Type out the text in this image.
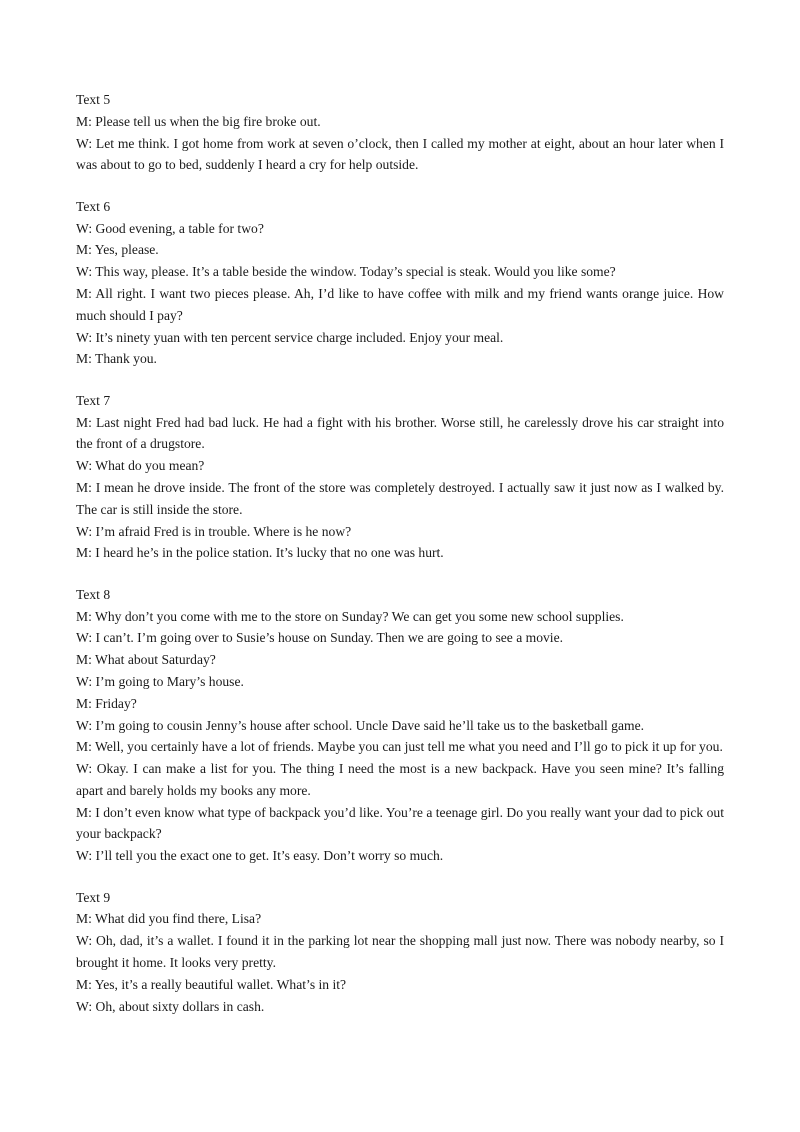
Text 5

M: Please tell us when the big fire broke out.

W: Let me think. I got home from work at seven o’clock, then I called my mother at eight, about an hour later when I was about to go to bed, suddenly I heard a cry for help outside.

Text 6

W: Good evening, a table for two?

M: Yes, please.

W: This way, please. It’s a table beside the window. Today’s special is steak. Would you like some?

M: All right. I want two pieces please. Ah, I’d like to have coffee with milk and my friend wants orange juice. How much should I pay?

W: It’s ninety yuan with ten percent service charge included. Enjoy your meal.

M: Thank you.

Text 7

M: Last night Fred had bad luck. He had a fight with his brother. Worse still, he carelessly drove his car straight into the front of a drugstore.

W: What do you mean?

M: I mean he drove inside. The front of the store was completely destroyed. I actually saw it just now as I walked by. The car is still inside the store.

W: I’m afraid Fred is in trouble. Where is he now?

M: I heard he’s in the police station. It’s lucky that no one was hurt.

Text 8

M: Why don’t you come with me to the store on Sunday? We can get you some new school supplies.

W: I can’t. I’m going over to Susie’s house on Sunday. Then we are going to see a movie.

M: What about Saturday?

W: I’m going to Mary’s house.

M: Friday?

W: I’m going to cousin Jenny’s house after school. Uncle Dave said he’ll take us to the basketball game.

M: Well, you certainly have a lot of friends. Maybe you can just tell me what you need and I’ll go to pick it up for you.

W: Okay. I can make a list for you. The thing I need the most is a new backpack. Have you seen mine? It’s falling apart and barely holds my books any more.

M: I don’t even know what type of backpack you’d like. You’re a teenage girl. Do you really want your dad to pick out your backpack?

W: I’ll tell you the exact one to get. It’s easy. Don’t worry so much.

Text 9

M: What did you find there, Lisa?

W: Oh, dad, it’s a wallet. I found it in the parking lot near the shopping mall just now. There was nobody nearby, so I brought it home. It looks very pretty.

M: Yes, it’s a really beautiful wallet. What’s in it?

W: Oh, about sixty dollars in cash.
